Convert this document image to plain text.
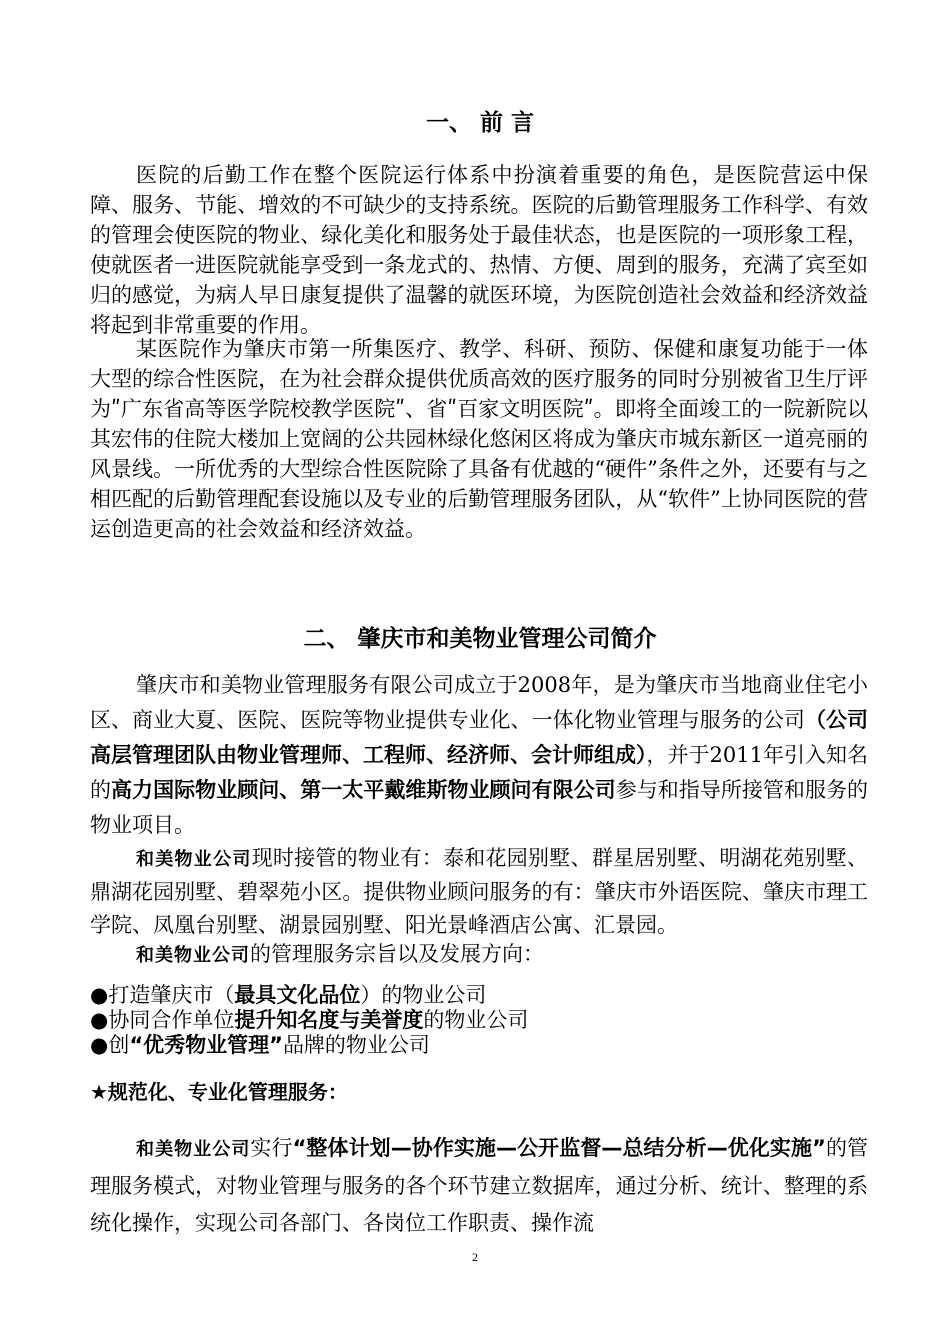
一、 前 言

医院的后勤工作在整个医院运行体系中扮演着重要的角色，是医院营运中保障、服务、节能、增效的不可缺少的支持系统。医院的后勤管理服务工作科学、有效的管理会使医院的物业、绿化美化和服务处于最佳状态，也是医院的一项形象工程，使就医者一进医院就能享受到一条龙式的、热情、方便、周到的服务，充满了宾至如归的感觉，为病人早日康复提供了温馨的就医环境，为医院创造社会效益和经济效益将起到非常重要的作用。

某医院作为肇庆市第一所集医疗、教学、科研、预防、保健和康复功能于一体大型的综合性医院，在为社会群众提供优质高效的医疗服务的同时分别被省卫生厅评为ʺ广东省高等医学院校教学医院ʺ、省ʺ百家文明医院ʺ。即将全面竣工的一院新院以其宏伟的住院大楼加上宽阔的公共园林绿化悠闲区将成为肇庆市城东新区一道亮丽的风景线。一所优秀的大型综合性医院除了具备有优越的“硬件”条件之外，还要有与之相匹配的后勤管理配套设施以及专业的后勤管理服务团队，从“软件”上协同医院的营运创造更高的社会效益和经济效益。

二、 肇庆市和美物业管理公司简介

肇庆市和美物业管理服务有限公司成立于2008年，是为肇庆市当地商业住宅小区、商业大夏、医院、医院等物业提供专业化、一体化物业管理与服务的公司（公司高层管理团队由物业管理师、工程师、经济师、会计师组成），并于2011年引入知名的高力国际物业顾问、第一太平戴维斯物业顾问有限公司参与和指导所接管和服务的物业项目。

和美物业公司现时接管的物业有：泰和花园别墅、群星居别墅、明湖花苑别墅、鼎湖花园别墅、碧翠苑小区。提供物业顾问服务的有：肇庆市外语医院、肇庆市理工学院、凤凰台别墅、湖景园别墅、阳光景峰酒店公寓、汇景园。

和美物业公司的管理服务宗旨以及发展方向：

●打造肇庆市（最具文化品位）的物业公司
●协同合作单位提升知名度与美誉度的物业公司
●创“优秀物业管理”品牌的物业公司
★规范化、专业化管理服务：

和美物业公司实行“整体计划—协作实施—公开监督—总结分析—优化实施”的管理服务模式，对物业管理与服务的各个环节建立数据库，通过分析、统计、整理的系统化操作，实现公司各部门、各岗位工作职责、操作流

2
